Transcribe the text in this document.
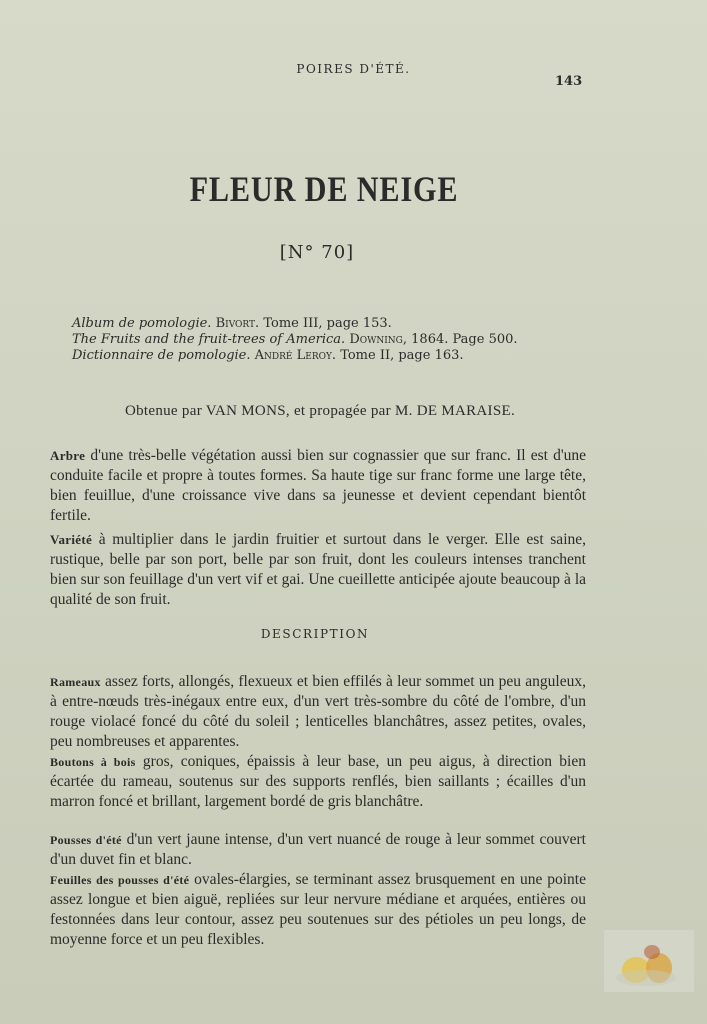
POIRES D'ÉTÉ.
143
FLEUR DE NEIGE
[N° 70]
Album de pomologie. Bivort. Tome III, page 153.
The Fruits and the fruit-trees of America. Downing, 1864. Page 500.
Dictionnaire de pomologie. André Leroy. Tome II, page 163.
Obtenue par VAN MONS, et propagée par M. DE MARAISE.
Arbre d'une très-belle végétation aussi bien sur cognassier que sur franc. Il est d'une conduite facile et propre à toutes formes. Sa haute tige sur franc forme une large tête, bien feuillue, d'une croissance vive dans sa jeunesse et devient cependant bientôt fertile.
Variété à multiplier dans le jardin fruitier et surtout dans le verger. Elle est saine, rustique, belle par son port, belle par son fruit, dont les couleurs intenses tranchent bien sur son feuillage d'un vert vif et gai. Une cueillette anticipée ajoute beaucoup à la qualité de son fruit.
DESCRIPTION
Rameaux assez forts, allongés, flexueux et bien effilés à leur sommet un peu anguleux, à entre-nœuds très-inégaux entre eux, d'un vert très-sombre du côté de l'ombre, d'un rouge violacé foncé du côté du soleil ; lenticelles blanchâtres, assez petites, ovales, peu nombreuses et apparentes.
Boutons à bois gros, coniques, épaissis à leur base, un peu aigus, à direction bien écartée du rameau, soutenus sur des supports renflés, bien saillants ; écailles d'un marron foncé et brillant, largement bordé de gris blanchâtre.
Pousses d'été d'un vert jaune intense, d'un vert nuancé de rouge à leur sommet couvert d'un duvet fin et blanc.
Feuilles des pousses d'été ovales-élargies, se terminant assez brusquement en une pointe assez longue et bien aiguë, repliées sur leur nervure médiane et arquées, entières ou festonnées dans leur contour, assez peu soutenues sur des pétioles un peu longs, de moyenne force et un peu flexibles.
